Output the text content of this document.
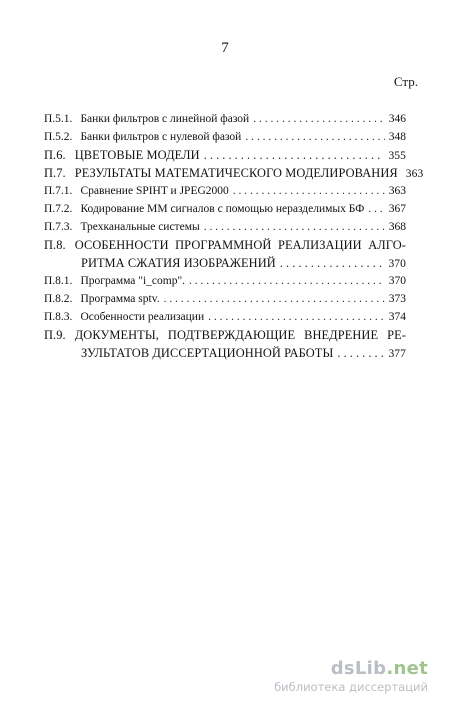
7
Стр.
П.5.1. Банки фильтров с линейной фазой . . .	346
П.5.2. Банки фильтров с нулевой фазой . . .	348
П.6. ЦВЕТОВЫЕ МОДЕЛИ . . .	355
П.7. РЕЗУЛЬТАТЫ МАТЕМАТИЧЕСКОГО МОДЕЛИРОВАНИЯ 363
П.7.1. Сравнение SPIHT и JPEG2000 . . .	363
П.7.2. Кодирование ММ сигналов с помощью неразделимых БФ . . . 367
П.7.3. Трехканальные системы . . .	368
П.8. ОСОБЕННОСТИ ПРОГРАММНОЙ РЕАЛИЗАЦИИ АЛГО-
РИТМА СЖАТИЯ ИЗОБРАЖЕНИЙ . . .	370
П.8.1. Программа "i_comp". . . .	370
П.8.2. Программа sptv. . . .	373
П.8.3. Особенности реализации . . .	374
П.9. ДОКУМЕНТЫ, ПОДТВЕРЖДАЮЩИЕ ВНЕДРЕНИЕ РЕ-
ЗУЛЬТАТОВ ДИССЕРТАЦИОННОЙ РАБОТЫ . . .	377
dsLib.net
библиотека диссертаций
